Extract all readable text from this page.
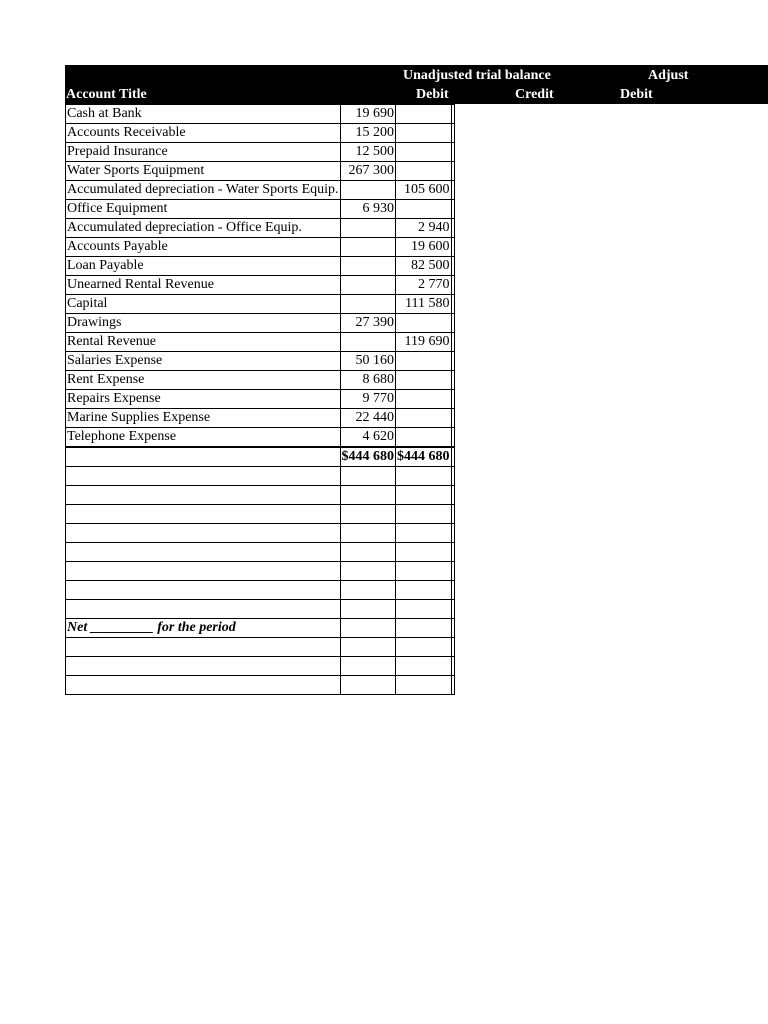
Unadjusted trial balance	Adjust
Account Title	Debit	Credit	Debit
Cash at Bank	19 690		
Accounts Receivable	15 200		
Prepaid Insurance	12 500		
Water Sports Equipment	267 300		
Accumulated depreciation - Water Sports Equip.		105 600	
Office Equipment	6 930		
Accumulated depreciation - Office Equip.		2 940	
Accounts Payable		19 600	
Loan Payable		82 500	
Unearned Rental Revenue		2 770	
Capital		111 580	
Drawings	27 390		
Rental Revenue		119 690	
Salaries Expense	50 160		
Rent Expense	8 680		
Repairs Expense	9 770		
Marine Supplies Expense	22 440		
Telephone Expense	4 620		
	$444 680	$444 680	

Net _________ for the period			
